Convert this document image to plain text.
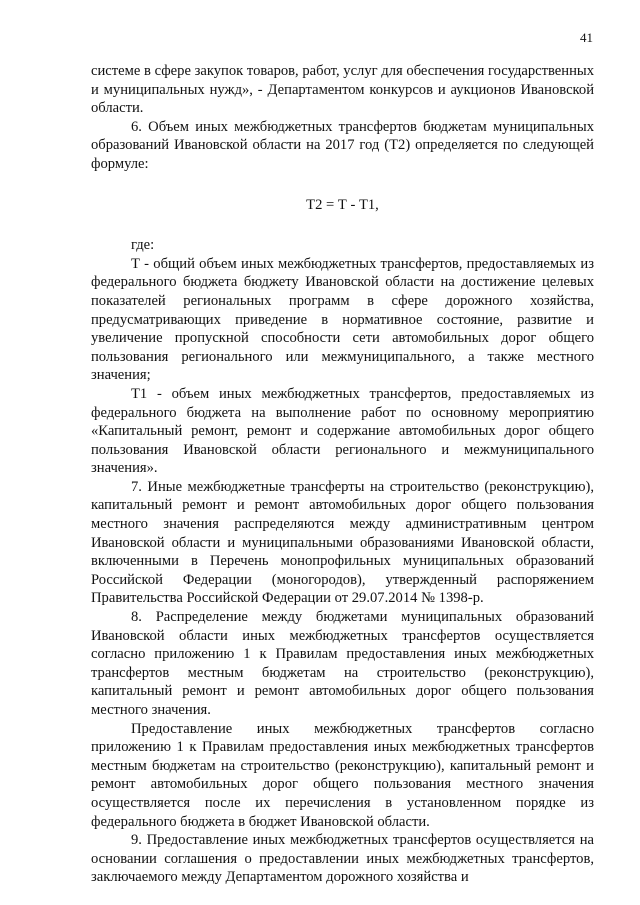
41

системе в сфере закупок товаров, работ, услуг для обеспечения государственных и муниципальных нужд», - Департаментом конкурсов и аукционов Ивановской области.

6. Объем иных межбюджетных трансфертов бюджетам муниципальных образований Ивановской области на 2017 год (Т2) определяется по следующей формуле:

Т2 = Т - Т1,

где:

Т - общий объем иных межбюджетных трансфертов, предоставляемых из федерального бюджета бюджету Ивановской области на достижение целевых показателей региональных программ в сфере дорожного хозяйства, предусматривающих приведение в нормативное состояние, развитие и увеличение пропускной способности сети автомобильных дорог общего пользования регионального или межмуниципального, а также местного значения;

Т1 - объем иных межбюджетных трансфертов, предоставляемых из федерального бюджета на выполнение работ по основному мероприятию «Капитальный ремонт, ремонт и содержание автомобильных дорог общего пользования Ивановской области регионального и межмуниципального значения».

7. Иные межбюджетные трансферты на строительство (реконструкцию), капитальный ремонт и ремонт автомобильных дорог общего пользования местного значения распределяются между административным центром Ивановской области и муниципальными образованиями Ивановской области, включенными в Перечень монопрофильных муниципальных образований Российской Федерации (моногородов), утвержденный распоряжением Правительства Российской Федерации от 29.07.2014 № 1398-р.

8. Распределение между бюджетами муниципальных образований Ивановской области иных межбюджетных трансфертов осуществляется согласно приложению 1 к Правилам предоставления иных межбюджетных трансфертов местным бюджетам на строительство (реконструкцию), капитальный ремонт и ремонт автомобильных дорог общего пользования местного значения.

Предоставление иных межбюджетных трансфертов согласно приложению 1 к Правилам предоставления иных межбюджетных трансфертов местным бюджетам на строительство (реконструкцию), капитальный ремонт и ремонт автомобильных дорог общего пользования местного значения осуществляется после их перечисления в установленном порядке из федерального бюджета в бюджет Ивановской области.

9. Предоставление иных межбюджетных трансфертов осуществляется на основании соглашения о предоставлении иных межбюджетных трансфертов, заключаемого между Департаментом дорожного хозяйства и
